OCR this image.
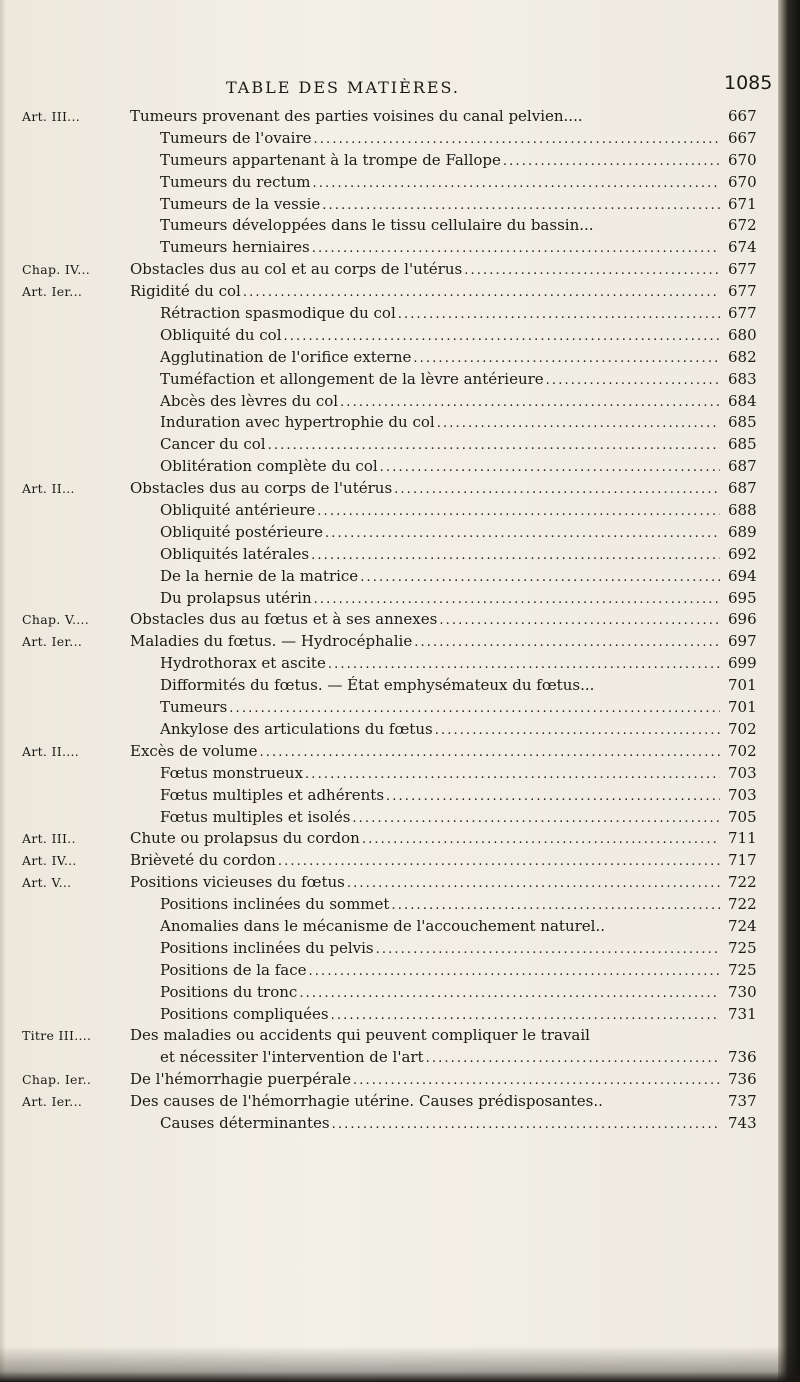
TABLE DES MATIÈRES.	1085
Art. III...	Tumeurs provenant des parties voisines du canal pelvien....	667
Tumeurs de l'ovaire . . .	667
Tumeurs appartenant à la trompe de Fallope . . .	670
Tumeurs du rectum . . .	670
Tumeurs de la vessie . . .	671
Tumeurs développées dans le tissu cellulaire du bassin...	672
Tumeurs herniaires . . .	674
Chap. IV...	Obstacles dus au col et au corps de l'utérus . . .	677
Art. Ier...	Rigidité du col . . .	677
Rétraction spasmodique du col . . .	677
Obliquité du col . . .	680
Agglutination de l'orifice externe . . .	682
Tuméfaction et allongement de la lèvre antérieure . . .	683
Abcès des lèvres du col . . .	684
Induration avec hypertrophie du col . . .	685
Cancer du col . . .	685
Oblitération complète du col . . .	687
Art. II...	Obstacles dus au corps de l'utérus . . .	687
Obliquité antérieure . . .	688
Obliquité postérieure . . .	689
Obliquités latérales . . .	692
De la hernie de la matrice . . .	694
Du prolapsus utérin . . .	695
Chap. V....	Obstacles dus au fœtus et à ses annexes . . .	696
Art. Ier...	Maladies du fœtus. — Hydrocéphalie . . .	697
Hydrothorax et ascite . . .	699
Difformités du fœtus. — État emphysémateux du fœtus...	701
Tumeurs . . .	701
Ankylose des articulations du fœtus . . .	702
Art. II....	Excès de volume . . .	702
Fœtus monstrueux . . .	703
Fœtus multiples et adhérents . . .	703
Fœtus multiples et isolés . . .	705
Art. III..	Chute ou prolapsus du cordon . . .	711
Art. IV...	Brièveté du cordon . . .	717
Art. V...	Positions vicieuses du fœtus . . .	722
Positions inclinées du sommet . . .	722
Anomalies dans le mécanisme de l'accouchement naturel..	724
Positions inclinées du pelvis . . .	725
Positions de la face . . .	725
Positions du tronc . . .	730
Positions compliquées . . .	731
Titre III....	Des maladies ou accidents qui peuvent compliquer le travail
et nécessiter l'intervention de l'art . . .	736
Chap. Ier..	De l'hémorrhagie puerpérale . . .	736
Art. Ier...	Des causes de l'hémorrhagie utérine. Causes prédisposantes..	737
Causes déterminantes . . .	743
